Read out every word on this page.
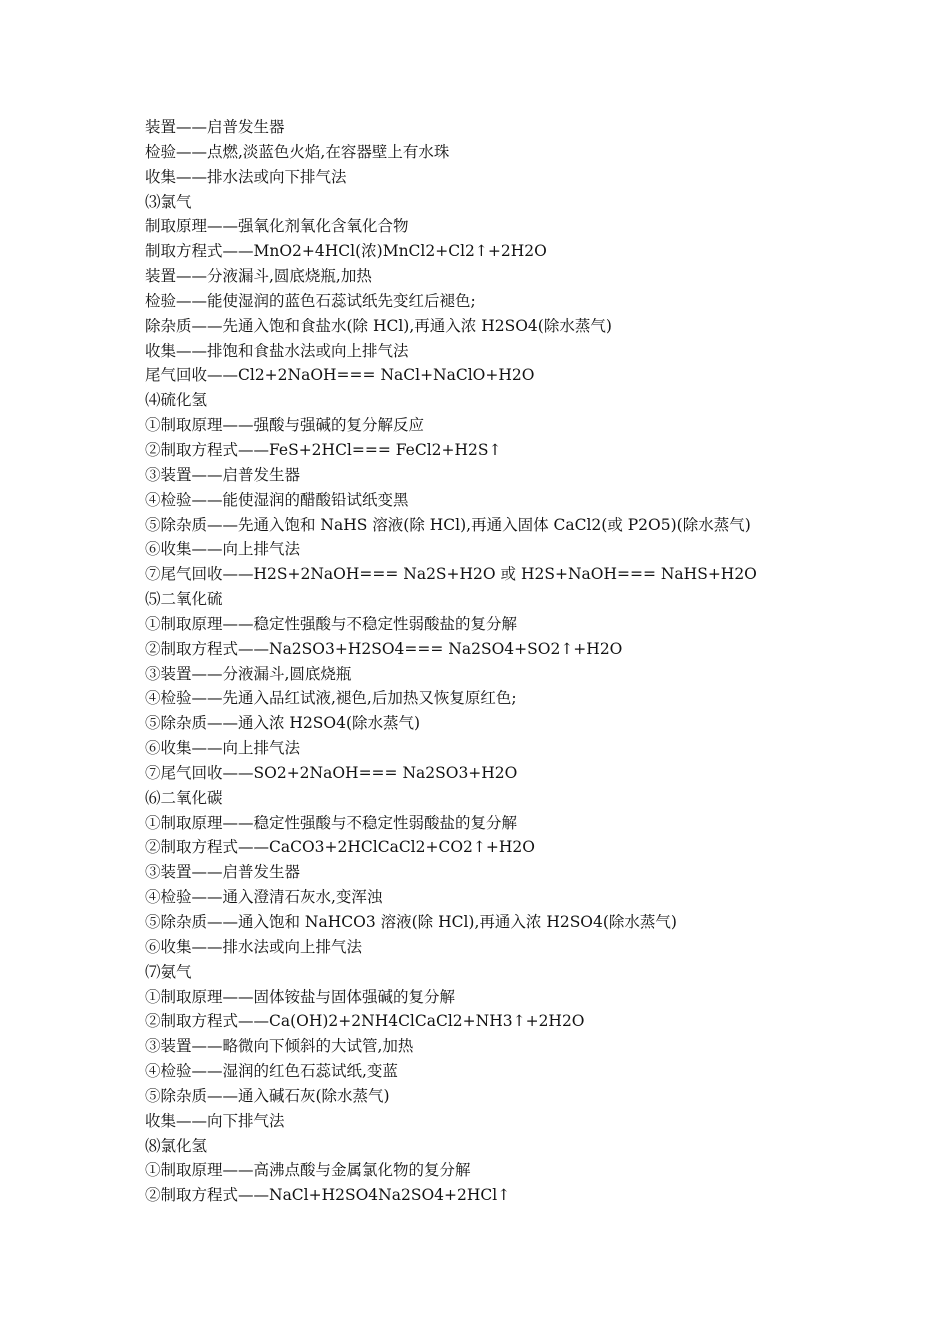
装置——启普发生器
检验——点燃,淡蓝色火焰,在容器壁上有水珠
收集——排水法或向下排气法
⑶氯气
制取原理——强氧化剂氧化含氧化合物
制取方程式——MnO2+4HCl(浓)MnCl2+Cl2↑+2H2O
装置——分液漏斗,圆底烧瓶,加热
检验——能使湿润的蓝色石蕊试纸先变红后褪色;
除杂质——先通入饱和食盐水(除 HCl),再通入浓 H2SO4(除水蒸气)
收集——排饱和食盐水法或向上排气法
尾气回收——Cl2+2NaOH=== NaCl+NaClO+H2O
⑷硫化氢
①制取原理——强酸与强碱的复分解反应
②制取方程式——FeS+2HCl=== FeCl2+H2S↑
③装置——启普发生器
④检验——能使湿润的醋酸铅试纸变黑
⑤除杂质——先通入饱和 NaHS 溶液(除 HCl),再通入固体 CaCl2(或 P2O5)(除水蒸气)
⑥收集——向上排气法
⑦尾气回收——H2S+2NaOH=== Na2S+H2O 或 H2S+NaOH=== NaHS+H2O
⑸二氧化硫
①制取原理——稳定性强酸与不稳定性弱酸盐的复分解
②制取方程式——Na2SO3+H2SO4=== Na2SO4+SO2↑+H2O
③装置——分液漏斗,圆底烧瓶
④检验——先通入品红试液,褪色,后加热又恢复原红色;
⑤除杂质——通入浓 H2SO4(除水蒸气)
⑥收集——向上排气法
⑦尾气回收——SO2+2NaOH=== Na2SO3+H2O
⑹二氧化碳
①制取原理——稳定性强酸与不稳定性弱酸盐的复分解
②制取方程式——CaCO3+2HClCaCl2+CO2↑+H2O
③装置——启普发生器
④检验——通入澄清石灰水,变浑浊
⑤除杂质——通入饱和 NaHCO3 溶液(除 HCl),再通入浓 H2SO4(除水蒸气)
⑥收集——排水法或向上排气法
⑺氨气
①制取原理——固体铵盐与固体强碱的复分解
②制取方程式——Ca(OH)2+2NH4ClCaCl2+NH3↑+2H2O
③装置——略微向下倾斜的大试管,加热
④检验——湿润的红色石蕊试纸,变蓝
⑤除杂质——通入碱石灰(除水蒸气)
收集——向下排气法
⑻氯化氢
①制取原理——高沸点酸与金属氯化物的复分解
②制取方程式——NaCl+H2SO4Na2SO4+2HCl↑
